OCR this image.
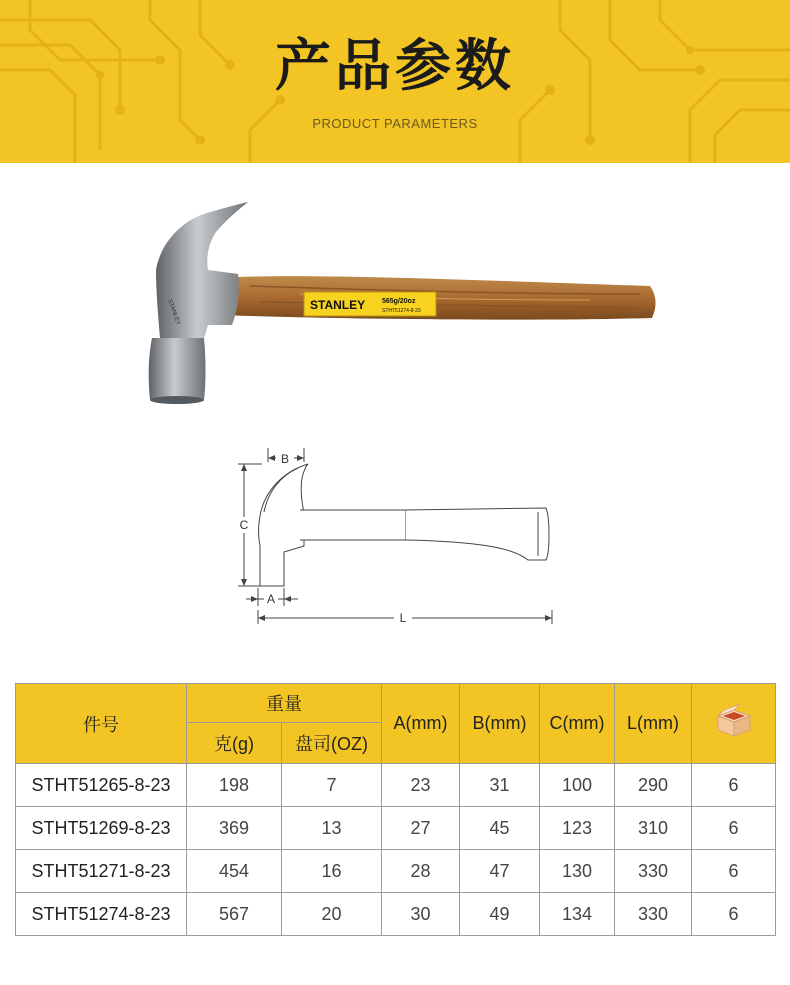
产品参数
PRODUCT PARAMETERS
STANLEY	STANLEY 565g/20oz
STHT51274-8-23
B
C
A
L
件号	重量		A(mm)	B(mm)	C(mm)	L(mm)	
	克(g)	盘司(OZ)					
STHT51265-8-23	198	7	23	31	100	290	6
STHT51269-8-23	369	13	27	45	123	310	6
STHT51271-8-23	454	16	28	47	130	330	6
STHT51274-8-23	567	20	30	49	134	330	6
